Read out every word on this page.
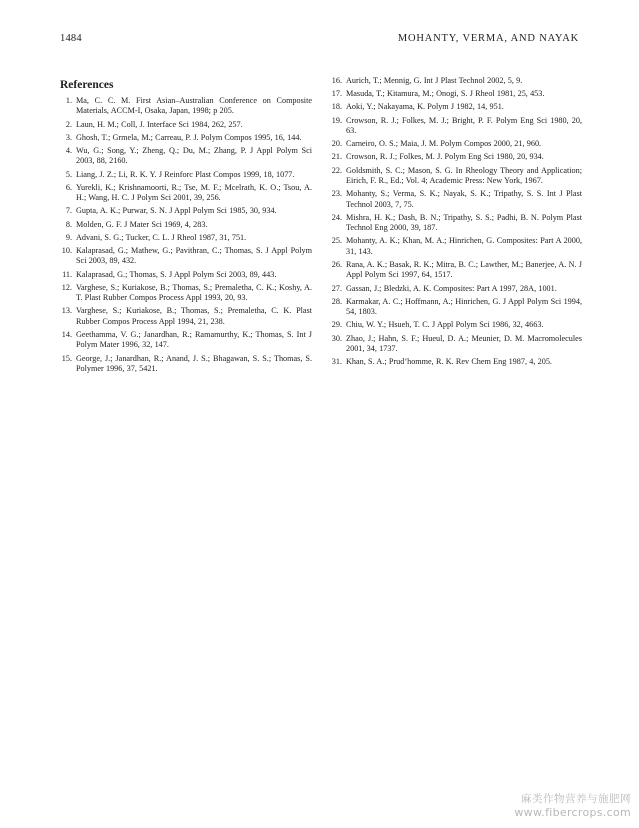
1484	MOHANTY, VERMA, AND NAYAK
References
1. Ma, C. C. M. First Asian–Australian Conference on Composite Materials, ACCM-I, Osaka, Japan, 1998; p 205.
2. Laun, H. M.; Coll, J. Interface Sci 1984, 262, 257.
3. Ghosh, T.; Grmela, M.; Carreau, P. J. Polym Compos 1995, 16, 144.
4. Wu, G.; Song, Y.; Zheng, Q.; Du, M.; Zhang, P. J Appl Polym Sci 2003, 88, 2160.
5. Liang, J. Z.; Li, R. K. Y. J Reinforc Plast Compos 1999, 18, 1077.
6. Yurekli, K.; Krishnamoorti, R.; Tse, M. F.; Mcelrath, K. O.; Tsou, A. H.; Wang, H. C. J Polym Sci 2001, 39, 256.
7. Gupta, A. K.; Purwar, S. N. J Appl Polym Sci 1985, 30, 934.
8. Molden, G. F. J Mater Sci 1969, 4, 283.
9. Advani, S. G.; Tucker, C. L. J Rheol 1987, 31, 751.
10. Kalaprasad, G.; Mathew, G.; Pavithran, C.; Thomas, S. J Appl Polym Sci 2003, 89, 432.
11. Kalaprasad, G.; Thomas, S. J Appl Polym Sci 2003, 89, 443.
12. Varghese, S.; Kuriakose, B.; Thomas, S.; Premaletha, C. K.; Koshy, A. T. Plast Rubber Compos Process Appl 1993, 20, 93.
13. Varghese, S.; Kuriakose, B.; Thomas, S.; Premaletha, C. K. Plast Rubber Compos Process Appl 1994, 21, 238.
14. Geethamma, V. G.; Janardhan, R.; Ramamurthy, K.; Thomas, S. Int J Polym Mater 1996, 32, 147.
15. George, J.; Janardhan, R.; Anand, J. S.; Bhagawan, S. S.; Thomas, S. Polymer 1996, 37, 5421.
16. Aurich, T.; Mennig, G. Int J Plast Technol 2002, 5, 9.
17. Masuda, T.; Kitamura, M.; Onogi, S. J Rheol 1981, 25, 453.
18. Aoki, Y.; Nakayama, K. Polym J 1982, 14, 951.
19. Crowson, R. J.; Folkes, M. J.; Bright, P. F. Polym Eng Sci 1980, 20, 63.
20. Carneiro, O. S.; Maia, J. M. Polym Compos 2000, 21, 960.
21. Crowson, R. J.; Folkes, M. J. Polym Eng Sci 1980, 20, 934.
22. Goldsmith, S. C.; Mason, S. G. In Rheology Theory and Application; Eirich, F. R., Ed.; Vol. 4; Academic Press: New York, 1967.
23. Mohanty, S.; Verma, S. K.; Nayak, S. K.; Tripathy, S. S. Int J Plast Technol 2003, 7, 75.
24. Mishra, H. K.; Dash, B. N.; Tripathy, S. S.; Padhi, B. N. Polym Plast Technol Eng 2000, 39, 187.
25. Mohanty, A. K.; Khan, M. A.; Hinrichen, G. Composites: Part A 2000, 31, 143.
26. Rana, A. K.; Basak, R. K.; Mitra, B. C.; Lawther, M.; Banerjee, A. N. J Appl Polym Sci 1997, 64, 1517.
27. Gassan, J.; Bledzki, A. K. Composites: Part A 1997, 28A, 1001.
28. Karmakar, A. C.; Hoffmann, A.; Hinrichen, G. J Appl Polym Sci 1994, 54, 1803.
29. Chiu, W. Y.; Hsueh, T. C. J Appl Polym Sci 1986, 32, 4663.
30. Zhao, J.; Hahn, S. F.; Hueul, D. A.; Meunier, D. M. Macromolecules 2001, 34, 1737.
31. Khan, S. A.; Prud’homme, R. K. Rev Chem Eng 1987, 4, 205.
麻类作物营养与施肥网
www.fibercrops.com
